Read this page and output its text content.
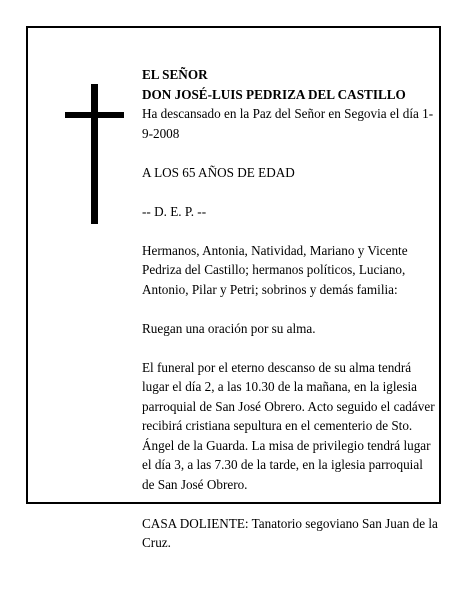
EL SEÑOR

DON JOSÉ-LUIS PEDRIZA DEL CASTILLO

Ha descansado en la Paz del Señor en Segovia el día 1-9-2008

A LOS 65 AÑOS DE EDAD

-- D. E. P. --

Hermanos, Antonia, Natividad, Mariano y Vicente Pedriza del Castillo; hermanos políticos, Luciano, Antonio, Pilar y Petri; sobrinos y demás familia:

Ruegan una oración por su alma.

El funeral por el eterno descanso de su alma tendrá lugar el día 2, a las 10.30 de la mañana, en la iglesia parroquial de San José Obrero. Acto seguido el cadáver recibirá cristiana sepultura en el cementerio de Sto. Ángel de la Guarda. La misa de privilegio tendrá lugar el día 3, a las 7.30 de la tarde, en la iglesia parroquial de San José Obrero.

CASA DOLIENTE: Tanatorio segoviano San Juan de la Cruz.
